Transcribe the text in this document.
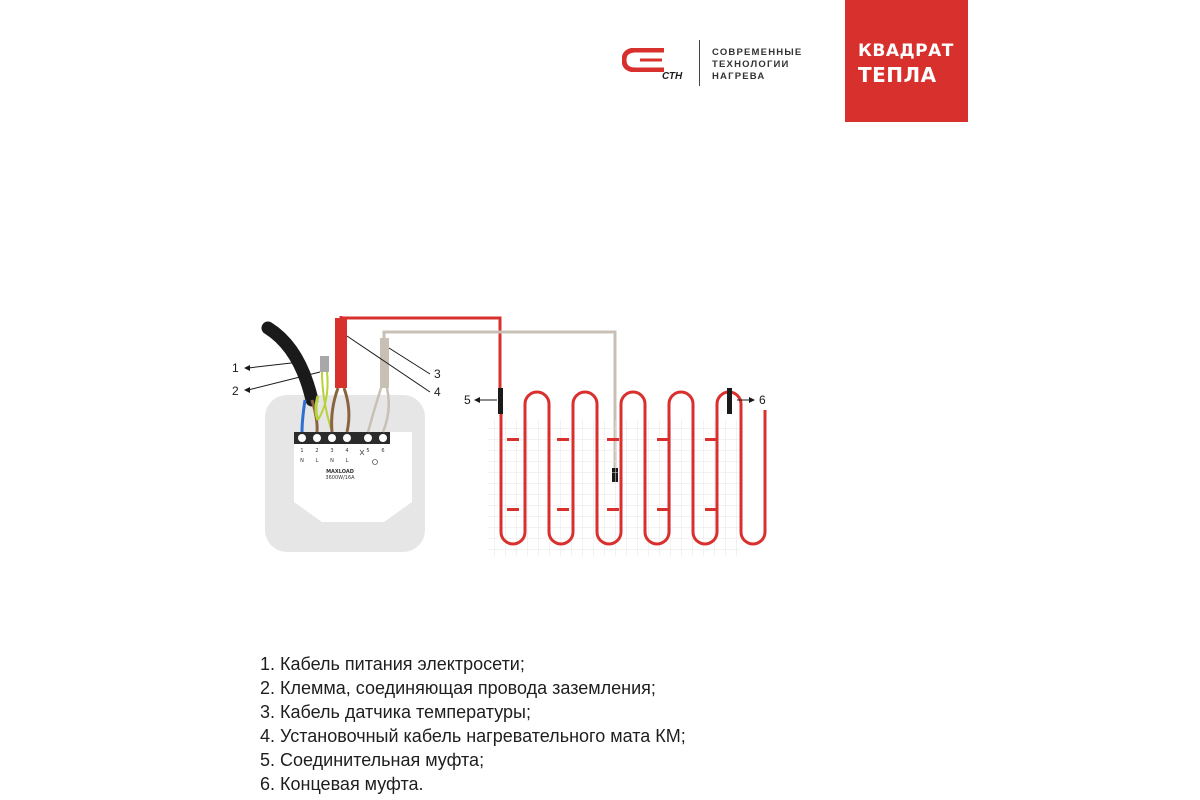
СТН
СОВРЕМЕННЫЕ
ТЕХНОЛОГИИ
НАГРЕВА
КВАДРАТ
ТЕПЛА
1 2 3 4	5 6
N L N L
MAXLOAD
3600W/16A
1
2
3
4
5	6
1. Кабель питания электросети;
2. Клемма, соединяющая провода заземления;
3. Кабель датчика температуры;
4. Установочный кабель нагревательного мата КМ;
5. Соединительная муфта;
6. Концевая муфта.
